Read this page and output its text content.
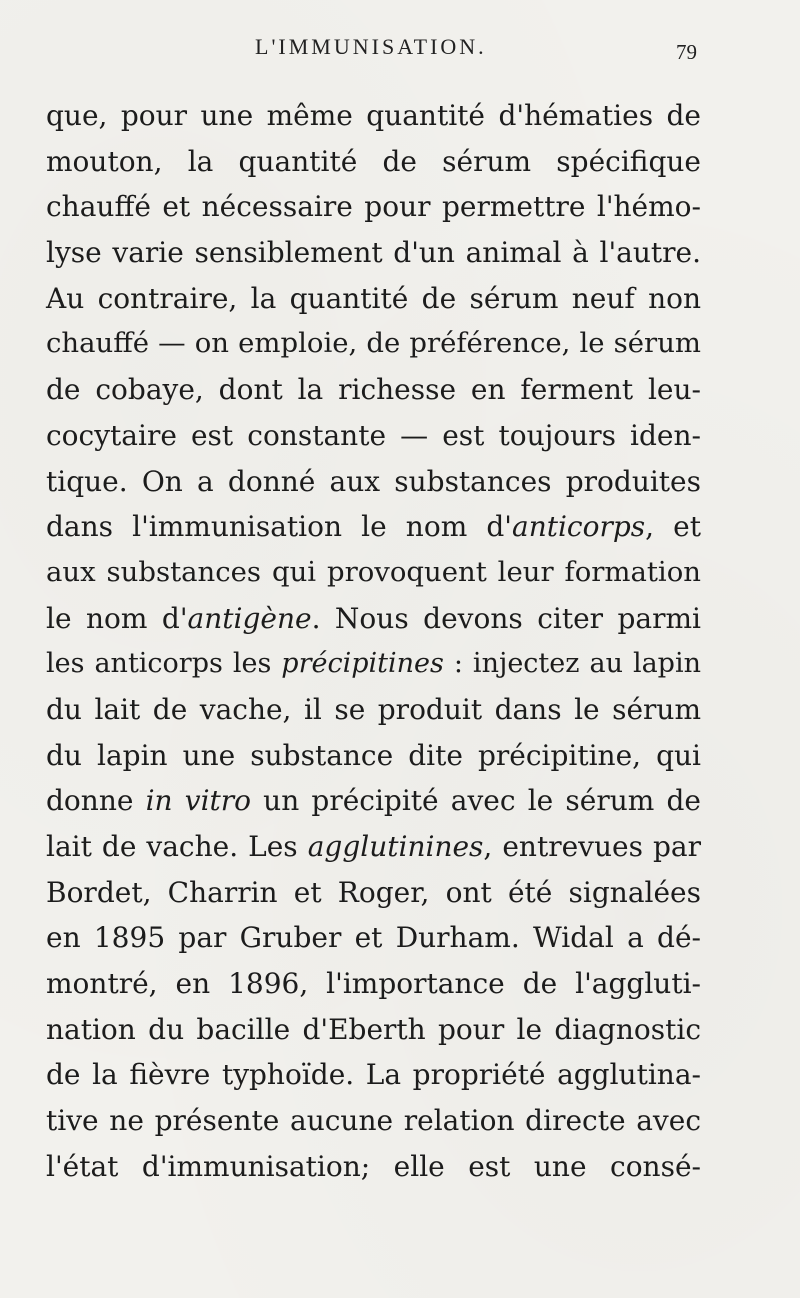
L'IMMUNISATION.	79
que, pour une même quantité d'hématies de
mouton, la quantité de sérum spécifique
chauffé et nécessaire pour permettre l'hémo-
lyse varie sensiblement d'un animal à l'autre.
Au contraire, la quantité de sérum neuf non
chauffé — on emploie, de préférence, le sérum
de cobaye, dont la richesse en ferment leu-
cocytaire est constante — est toujours iden-
tique. On a donné aux substances produites
dans l'immunisation le nom d'anticorps, et
aux substances qui provoquent leur formation
le nom d'antigène. Nous devons citer parmi
les anticorps les précipitines : injectez au lapin
du lait de vache, il se produit dans le sérum
du lapin une substance dite précipitine, qui
donne in vitro un précipité avec le sérum de
lait de vache. Les agglutinines, entrevues par
Bordet, Charrin et Roger, ont été signalées
en 1895 par Gruber et Durham. Widal a dé-
montré, en 1896, l'importance de l'aggluti-
nation du bacille d'Eberth pour le diagnostic
de la fièvre typhoïde. La propriété agglutina-
tive ne présente aucune relation directe avec
l'état d'immunisation; elle est une consé-
